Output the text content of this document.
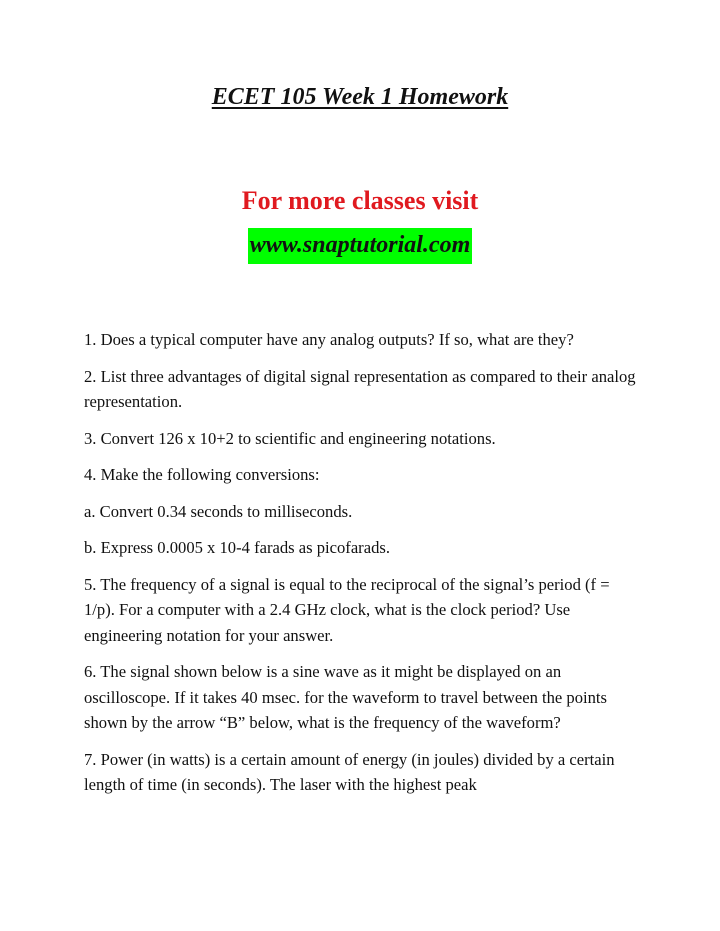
ECET 105 Week 1 Homework
For more classes visit
www.snaptutorial.com

1. Does a typical computer have any analog outputs? If so, what are they?

2. List three advantages of digital signal representation as compared to their analog representation.

3. Convert 126 x 10+2 to scientific and engineering notations.

4. Make the following conversions:

a. Convert 0.34 seconds to milliseconds.

b. Express 0.0005 x 10-4 farads as picofarads.

5. The frequency of a signal is equal to the reciprocal of the signal’s period (f = 1/p). For a computer with a 2.4 GHz clock, what is the clock period? Use engineering notation for your answer.

6. The signal shown below is a sine wave as it might be displayed on an oscilloscope. If it takes 40 msec. for the waveform to travel between the points shown by the arrow “B” below, what is the frequency of the waveform?

7. Power (in watts) is a certain amount of energy (in joules) divided by a certain length of time (in seconds). The laser with the highest peak
